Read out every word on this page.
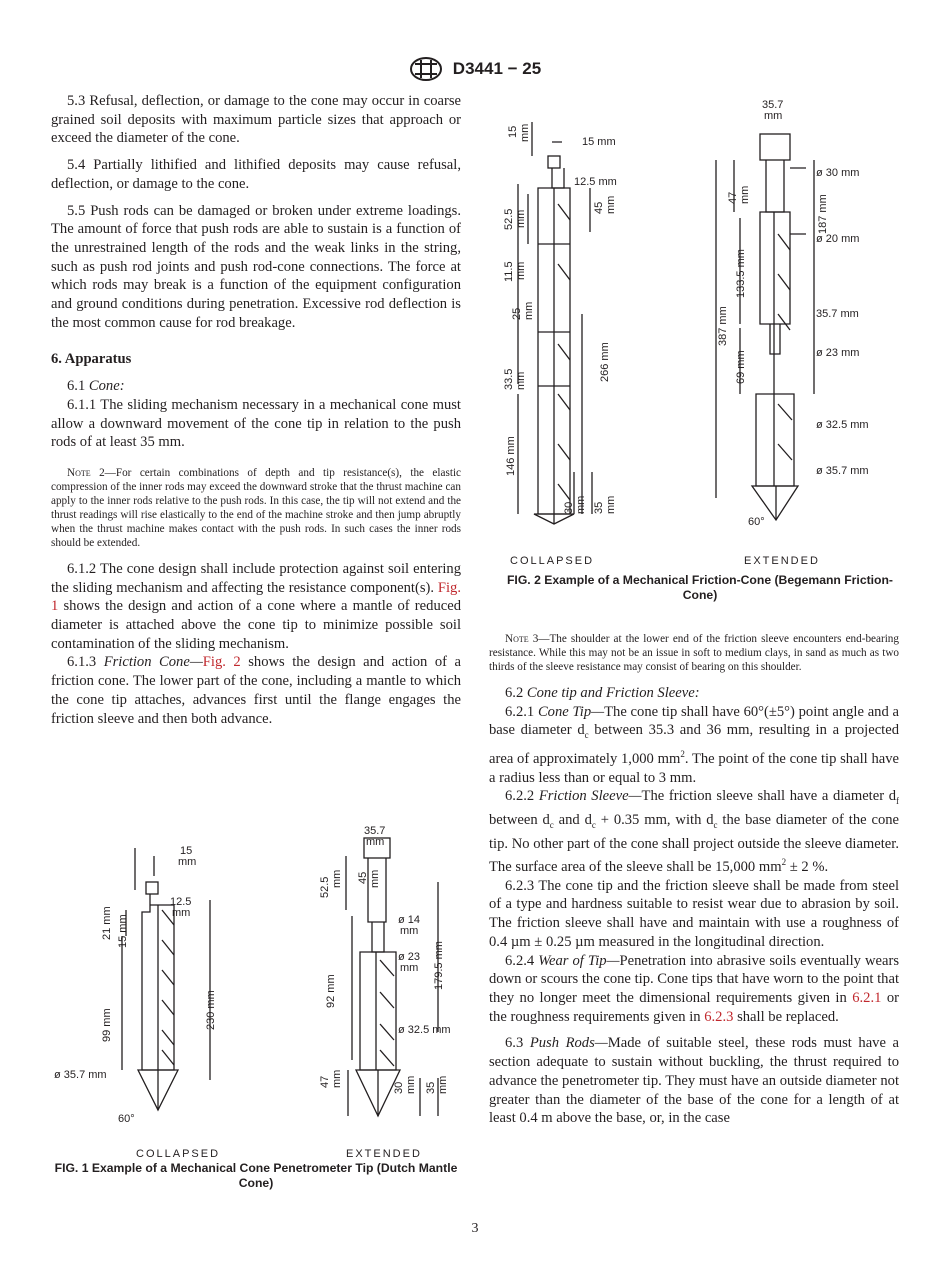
D3441 − 25

5.3 Refusal, deflection, or damage to the cone may occur in coarse grained soil deposits with maximum particle sizes that approach or exceed the diameter of the cone.

5.4 Partially lithified and lithified deposits may cause refusal, deflection, or damage to the cone.

5.5 Push rods can be damaged or broken under extreme loadings. The amount of force that push rods are able to sustain is a function of the unrestrained length of the rods and the weak links in the string, such as push rod joints and push rod-cone connections. The force at which rods may break is a function of the equipment configuration and ground conditions during penetration. Excessive rod deflection is the most common cause for rod breakage.

6. Apparatus

6.1 Cone:

6.1.1 The sliding mechanism necessary in a mechanical cone must allow a downward movement of the cone tip in relation to the push rods of at least 35 mm.

Note 2—For certain combinations of depth and tip resistance(s), the elastic compression of the inner rods may exceed the downward stroke that the thrust machine can apply to the inner rods relative to the push rods. In this case, the tip will not extend and the thrust readings will rise elastically to the end of the machine stroke and then jump abruptly when the thrust machine makes contact with the push rods. In such cases the inner rods should be extended.

6.1.2 The cone design shall include protection against soil entering the sliding mechanism and affecting the resistance component(s). Fig. 1 shows the design and action of a cone where a mantle of reduced diameter is attached above the cone tip to minimize possible soil contamination of the sliding mechanism.

6.1.3 Friction Cone—Fig. 2 shows the design and action of a friction cone. The lower part of the cone, including a mantle to which the cone tip attaches, advances first until the flange engages the friction sleeve and then both advance.

15
mm
12.5
mm
21 mm 15 mm
230 mm
99 mm
ø 35.7 mm
60°
COLLAPSED
35.7
mm
52.5 mm 45 mm
92 mm
ø 14
mm
ø 23
mm 179.5 mm
ø 32.5 mm
47 mm	30 mm 35 mm
EXTENDED
FIG. 1 Example of a Mechanical Cone Penetrometer Tip (Dutch Mantle Cone)
15 mm	15 mm
12.5 mm
52.5 mm
45 mm
11.5 mm
25 mm
266 mm
33.5 mm
146 mm
30 mm 35 mm
COLLAPSED
35.7
mm
47 mm
ø 30 mm
187 mm
ø 20 mm
133.5 mm
387 mm	35.7 mm
69 mm	ø 23 mm
ø 32.5 mm
ø 35.7 mm
60°
EXTENDED
FIG. 2 Example of a Mechanical Friction-Cone (Begemann Friction-Cone)

Note 3—The shoulder at the lower end of the friction sleeve encounters end-bearing resistance. While this may not be an issue in soft to medium clays, in sand as much as two thirds of the sleeve resistance may consist of bearing on this shoulder.

6.2 Cone tip and Friction Sleeve:

6.2.1 Cone Tip—The cone tip shall have 60°(±5°) point angle and a base diameter $d_c$ between 35.3 and 36 mm, resulting in a projected area of approximately 1,000 $mm^2$. The point of the cone tip shall have a radius less than or equal to 3 mm.

6.2.2 Friction Sleeve—The friction sleeve shall have a diameter $d_f$ between $d_c$ and $d_c + 0.35$ mm, with $d_c$ the base diameter of the cone tip. No other part of the cone shall project outside the sleeve diameter. The surface area of the sleeve shall be 15,000 $mm^2 \pm 2$ %.

6.2.3 The cone tip and the friction sleeve shall be made from steel of a type and hardness suitable to resist wear due to abrasion by soil. The friction sleeve shall have and maintain with use a roughness of 0.4 µm ± 0.25 µm measured in the longitudinal direction.

6.2.4 Wear of Tip—Penetration into abrasive soils eventually wears down or scours the cone tip. Cone tips that have worn to the point that they no longer meet the dimensional requirements given in 6.2.1 or the roughness requirements given in 6.2.3 shall be replaced.

6.3 Push Rods—Made of suitable steel, these rods must have a section adequate to sustain without buckling, the thrust required to advance the penetrometer tip. They must have an outside diameter not greater than the diameter of the base of the cone for a length of at least 0.4 m above the base, or, in the case

3
